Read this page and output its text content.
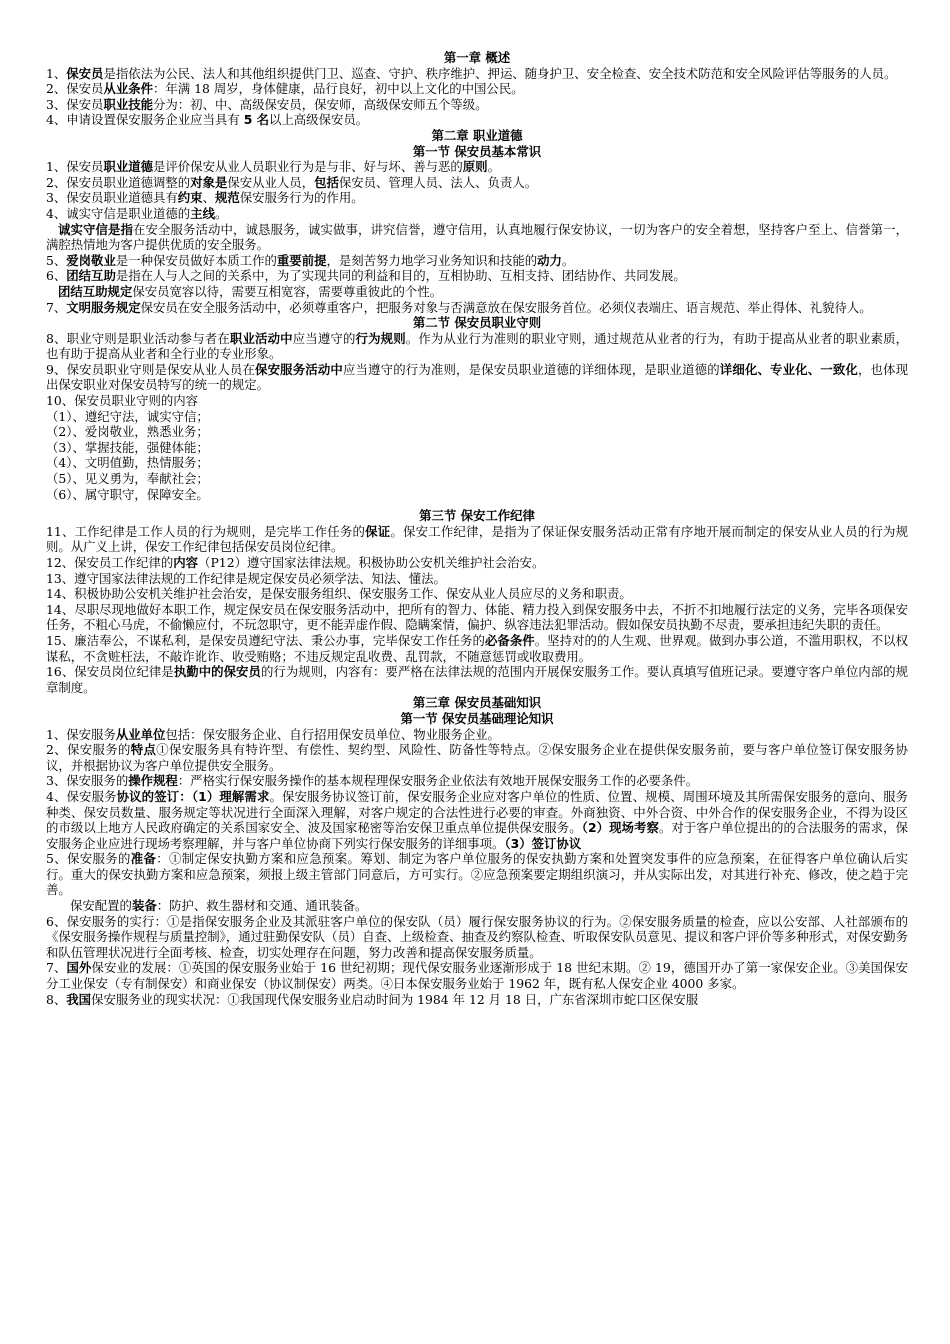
第一章 概述
1、保安员是指依法为公民、法人和其他组织提供门卫、巡查、守护、秩序维护、押运、随身护卫、安全检查、安全技术防范和安全风险评估等服务的人员。
2、保安员从业条件：年满 18 周岁，身体健康，品行良好，初中以上文化的中国公民。
3、保安员职业技能分为：初、中、高级保安员，保安师，高级保安师五个等级。
4、申请设置保安服务企业应当具有 5 名以上高级保安员。
第二章 职业道德
第一节 保安员基本常识
1、保安员职业道德是评价保安从业人员职业行为是与非、好与坏、善与恶的原则。
2、保安员职业道德调整的对象是保安从业人员，包括保安员、管理人员、法人、负责人。
3、保安员职业道德具有约束、规范保安服务行为的作用。
4、诚实守信是职业道德的主线。
诚实守信是指在安全服务活动中，诚恳服务，诚实做事，讲究信誉，遵守信用，认真地履行保安协议，一切为客户的安全着想，坚持客户至上、信誉第一，满腔热情地为客户提供优质的安全服务。
5、爱岗敬业是一种保安员做好本质工作的重要前提，是刻苦努力地学习业务知识和技能的动力。
6、团结互助是指在人与人之间的关系中，为了实现共同的利益和目的，互相协助、互相支持、团结协作、共同发展。
团结互助规定保安员宽容以待，需要互相宽容，需要尊重彼此的个性。
7、文明服务规定保安员在安全服务活动中，必须尊重客户，把服务对象与否满意放在保安服务首位。必须仪表端庄、语言规范、举止得体、礼貌待人。
第二节 保安员职业守则
8、职业守则是职业活动参与者在职业活动中应当遵守的行为规则。作为从业行为准则的职业守则，通过规范从业者的行为，有助于提高从业者的职业素质，也有助于提高从业者和全行业的专业形象。
9、保安员职业守则是保安从业人员在保安服务活动中应当遵守的行为准则，是保安员职业道德的详细体现，是职业道德的详细化、专业化、一致化，也体现出保安职业对保安员特写的统一的规定。
10、保安员职业守则的内容
（1）、遵纪守法，诚实守信；
（2）、爱岗敬业，熟悉业务；
（3）、掌握技能，强健体能；
（4）、文明值勤，热情服务；
（5）、见义勇为，奉献社会；
（6）、属守职守，保障安全。
第三节 保安工作纪律
11、工作纪律是工作人员的行为规则，是完毕工作任务的保证。保安工作纪律，是指为了保证保安服务活动正常有序地开展而制定的保安从业人员的行为规则。从广义上讲，保安工作纪律包括保安员岗位纪律。
12、保安员工作纪律的内容（P12）遵守国家法律法规。积极协助公安机关维护社会治安。
13、遵守国家法律法规的工作纪律是规定保安员必须学法、知法、懂法。
14、积极协助公安机关维护社会治安，是保安服务组织、保安服务工作、保安从业人员应尽的义务和职责。
14、尽职尽现地做好本职工作，规定保安员在保安服务活动中，把所有的智力、体能、精力投入到保安服务中去，不折不扣地履行法定的义务，完毕各项保安任务，不粗心马虎，不偷懒应付，不玩忽职守，更不能弄虚作假、隐瞒案情，偏护、纵容违法犯罪活动。假如保安员执勤不尽责，要承担违纪失职的责任。
15、廉洁奉公，不谋私利，是保安员遵纪守法、秉公办事，完毕保安工作任务的必备条件。坚持对的的人生观、世界观。做到办事公道，不滥用职权，不以权谋私，不贪赃枉法，不敲诈讹诈、收受贿赂；不违反规定乱收费、乱罚款，不随意惩罚或收取费用。
16、保安员岗位纪律是执勤中的保安员的行为规则，内容有：要严格在法律法规的范围内开展保安服务工作。要认真填写值班记录。要遵守客户单位内部的规章制度。
第三章 保安员基础知识
第一节 保安员基础理论知识
1、保安服务从业单位包括：保安服务企业、自行招用保安员单位、物业服务企业。
2、保安服务的特点①保安服务具有特许型、有偿性、契约型、风险性、防备性等特点。②保安服务企业在提供保安服务前，要与客户单位签订保安服务协议，并根据协议为客户单位提供安全服务。
3、保安服务的操作规程：严格实行保安服务操作的基本规程理保安服务企业依法有效地开展保安服务工作的必要条件。
4、保安服务协议的签订：（1）理解需求。保安服务协议签订前，保安服务企业应对客户单位的性质、位置、规模、周围环境及其所需保安服务的意向、服务种类、保安员数量、服务规定等状况进行全面深入理解，对客户规定的合法性进行必要的审查。外商独资、中外合资、中外合作的保安服务企业，不得为设区的市级以上地方人民政府确定的关系国家安全、波及国家秘密等治安保卫重点单位提供保安服务。（2）现场考察。对于客户单位提出的的合法服务的需求，保安服务企业应进行现场考察理解，并与客户单位协商下列实行保安服务的详细事项。（3）签订协议
5、保安服务的准备：①制定保安执勤方案和应急预案。筹划、制定为客户单位服务的保安执勤方案和处置突发事件的应急预案，在征得客户单位确认后实行。重大的保安执勤方案和应急预案，须报上级主管部门同意后，方可实行。②应急预案要定期组织演习，并从实际出发，对其进行补充、修改，使之趋于完善。
保安配置的装备：防护、救生器材和交通、通讯装备。
6、保安服务的实行：①是指保安服务企业及其派驻客户单位的保安队（员）履行保安服务协议的行为。②保安服务质量的检查，应以公安部、人社部颁布的《保安服务操作规程与质量控制》，通过驻勤保安队（员）自查、上级检查、抽查及约察队检查、听取保安队员意见、提议和客户评价等多种形式，对保安勤务和队伍管理状况进行全面考核、检查，切实处理存在问题，努力改善和提高保安服务质量。
7、国外保安业的发展：①英国的保安服务业始于 16 世纪初期；现代保安服务业逐渐形成于 18 世纪末期。② 19，德国开办了第一家保安企业。③美国保安分工业保安（专有制保安）和商业保安（协议制保安）两类。④日本保安服务业始于 1962 年，既有私人保安企业 4000 多家。
8、我国保安服务业的现实状况：①我国现代保安服务业启动时间为 1984 年 12 月 18 日，广东省深圳市蛇口区保安服
